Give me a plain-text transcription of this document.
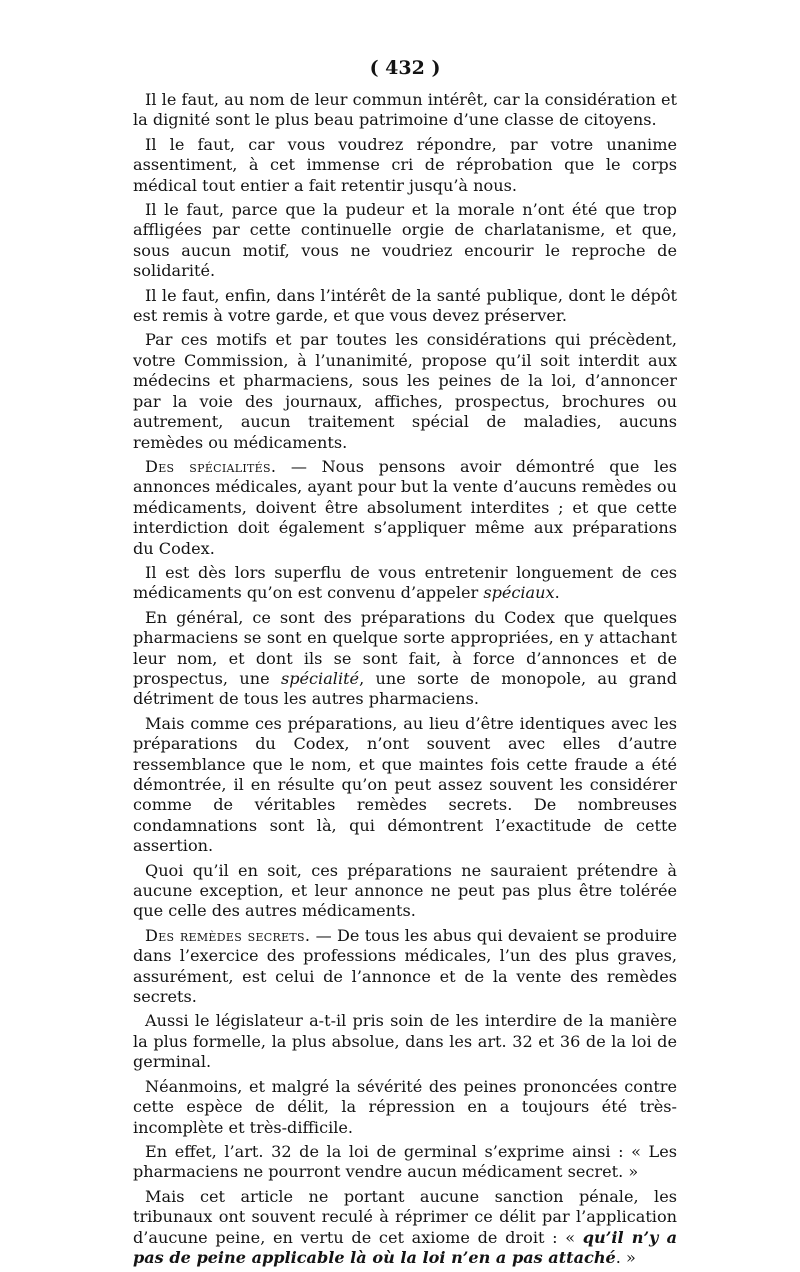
( 432 )

Il le faut, au nom de leur commun intérêt, car la considération et la dignité sont le plus beau patrimoine d’une classe de citoyens.

Il le faut, car vous voudrez répondre, par votre unanime assentiment, à cet immense cri de réprobation que le corps médical tout entier a fait retentir jusqu’à nous.

Il le faut, parce que la pudeur et la morale n’ont été que trop affligées par cette continuelle orgie de charlatanisme, et que, sous aucun motif, vous ne voudriez encourir le reproche de solidarité.

Il le faut, enfin, dans l’intérêt de la santé publique, dont le dépôt est remis à votre garde, et que vous devez préserver.

Par ces motifs et par toutes les considérations qui précèdent, votre Commission, à l’unanimité, propose qu’il soit interdit aux médecins et pharmaciens, sous les peines de la loi, d’annoncer par la voie des journaux, affiches, prospectus, brochures ou autrement, aucun traitement spécial de maladies, aucuns remèdes ou médicaments.

Des spécialités. — Nous pensons avoir démontré que les annonces médicales, ayant pour but la vente d’aucuns remèdes ou médicaments, doivent être absolument interdites ; et que cette interdiction doit également s’appliquer même aux préparations du Codex.

Il est dès lors superflu de vous entretenir longuement de ces médicaments qu’on est convenu d’appeler spéciaux.

En général, ce sont des préparations du Codex que quelques pharmaciens se sont en quelque sorte appropriées, en y attachant leur nom, et dont ils se sont fait, à force d’annonces et de prospectus, une spécialité, une sorte de monopole, au grand détriment de tous les autres pharmaciens.

Mais comme ces préparations, au lieu d’être identiques avec les préparations du Codex, n’ont souvent avec elles d’autre ressemblance que le nom, et que maintes fois cette fraude a été démontrée, il en résulte qu’on peut assez souvent les considérer comme de véritables remèdes secrets. De nombreuses condamnations sont là, qui démontrent l’exactitude de cette assertion.

Quoi qu’il en soit, ces préparations ne sauraient prétendre à aucune exception, et leur annonce ne peut pas plus être tolérée que celle des autres médicaments.

Des remèdes secrets. — De tous les abus qui devaient se produire dans l’exercice des professions médicales, l’un des plus graves, assurément, est celui de l’annonce et de la vente des remèdes secrets.

Aussi le législateur a-t-il pris soin de les interdire de la manière la plus formelle, la plus absolue, dans les art. 32 et 36 de la loi de germinal.

Néanmoins, et malgré la sévérité des peines prononcées contre cette espèce de délit, la répression en a toujours été très-incomplète et très-difficile.

En effet, l’art. 32 de la loi de germinal s’exprime ainsi : « Les pharmaciens ne pourront vendre aucun médicament secret. »

Mais cet article ne portant aucune sanction pénale, les tribunaux ont souvent reculé à réprimer ce délit par l’application d’aucune peine, en vertu de cet axiome de droit : « qu’il n’y a pas de peine applicable là où la loi n’en a pas attaché. »
